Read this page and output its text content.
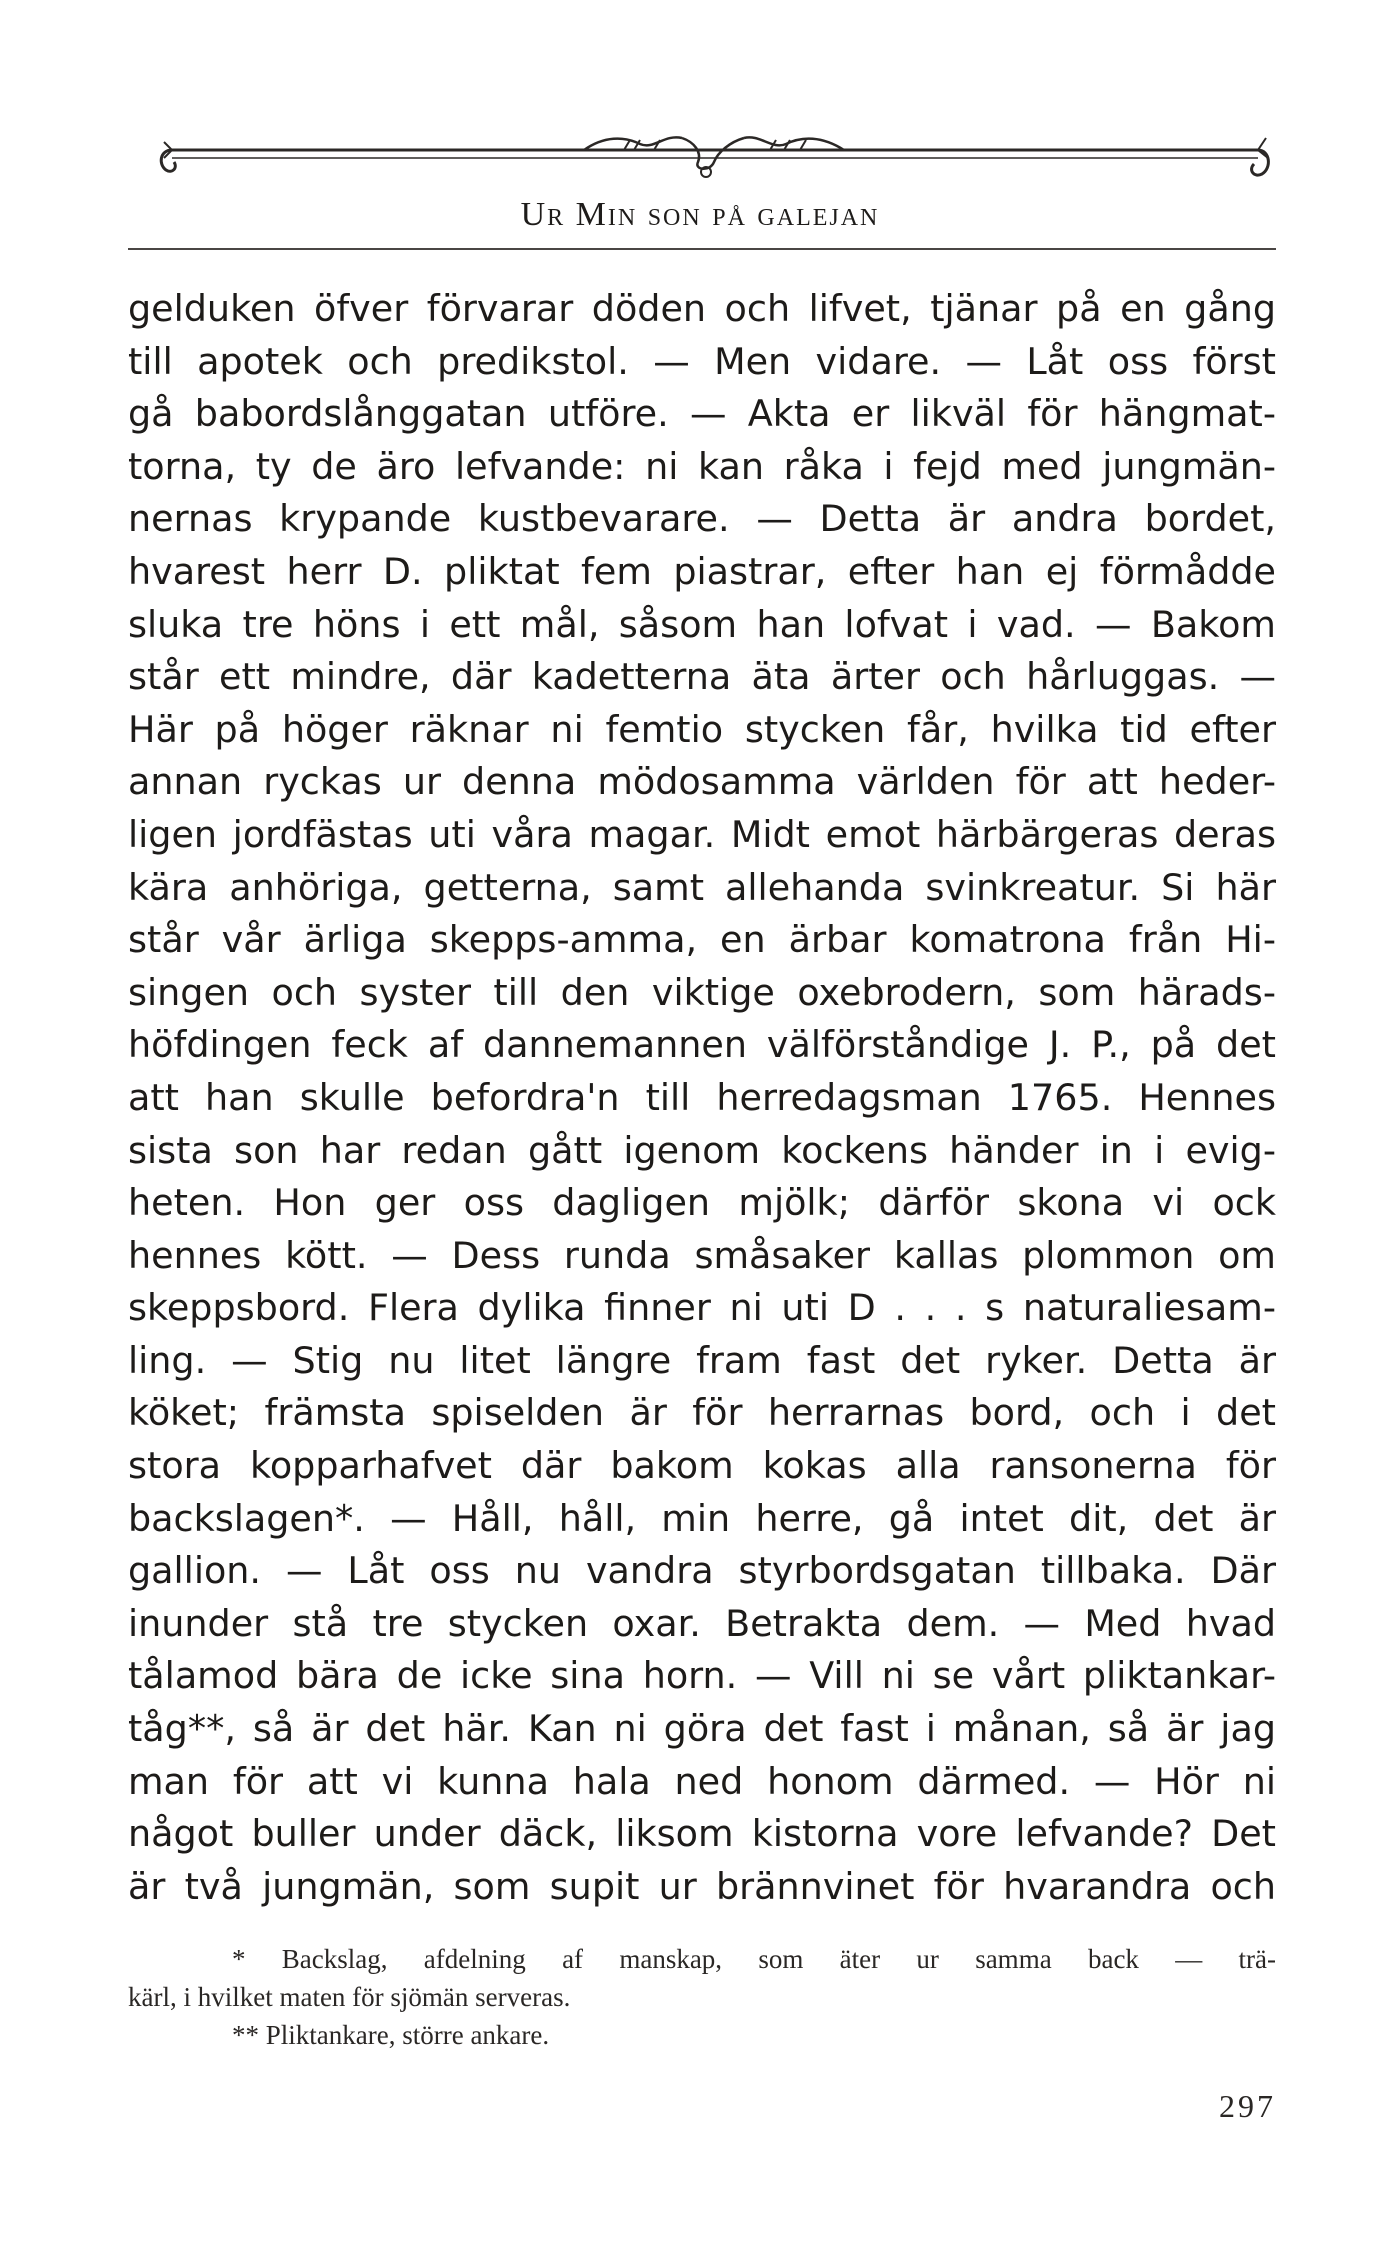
Ur Min son på galejan
gelduken öfver förvarar döden och lifvet, tjänar på en gång
till apotek och predikstol. — Men vidare. — Låt oss först
gå babordslånggatan utföre. — Akta er likväl för hängmat-
torna, ty de äro lefvande: ni kan råka i fejd med jungmän-
nernas krypande kustbevarare. — Detta är andra bordet,
hvarest herr D. pliktat fem piastrar, efter han ej förmådde
sluka tre höns i ett mål, såsom han lofvat i vad. — Bakom
står ett mindre, där kadetterna äta ärter och hårluggas. —
Här på höger räknar ni femtio stycken får, hvilka tid efter
annan ryckas ur denna mödosamma världen för att heder-
ligen jordfästas uti våra magar. Midt emot härbärgeras deras
kära anhöriga, getterna, samt allehanda svinkreatur. Si här
står vår ärliga skepps-amma, en ärbar komatrona från Hi-
singen och syster till den viktige oxebrodern, som härads-
höfdingen feck af dannemannen välförståndige J. P., på det
att han skulle befordra'n till herredagsman 1765. Hennes
sista son har redan gått igenom kockens händer in i evig-
heten. Hon ger oss dagligen mjölk; därför skona vi ock
hennes kött. — Dess runda småsaker kallas plommon om
skeppsbord. Flera dylika finner ni uti D . . . s naturaliesam-
ling. — Stig nu litet längre fram fast det ryker. Detta är
köket; främsta spiselden är för herrarnas bord, och i det
stora kopparhafvet där bakom kokas alla ransonerna för
backslagen*. — Håll, håll, min herre, gå intet dit, det är
gallion. — Låt oss nu vandra styrbordsgatan tillbaka. Där
inunder stå tre stycken oxar. Betrakta dem. — Med hvad
tålamod bära de icke sina horn. — Vill ni se vårt pliktankar-
tåg**, så är det här. Kan ni göra det fast i månan, så är jag
man för att vi kunna hala ned honom därmed. — Hör ni
något buller under däck, liksom kistorna vore lefvande? Det
är två jungmän, som supit ur brännvinet för hvarandra och
* Backslag, afdelning af manskap, som äter ur samma back — trä-
kärl, i hvilket maten för sjömän serveras.
** Pliktankare, större ankare.
297
